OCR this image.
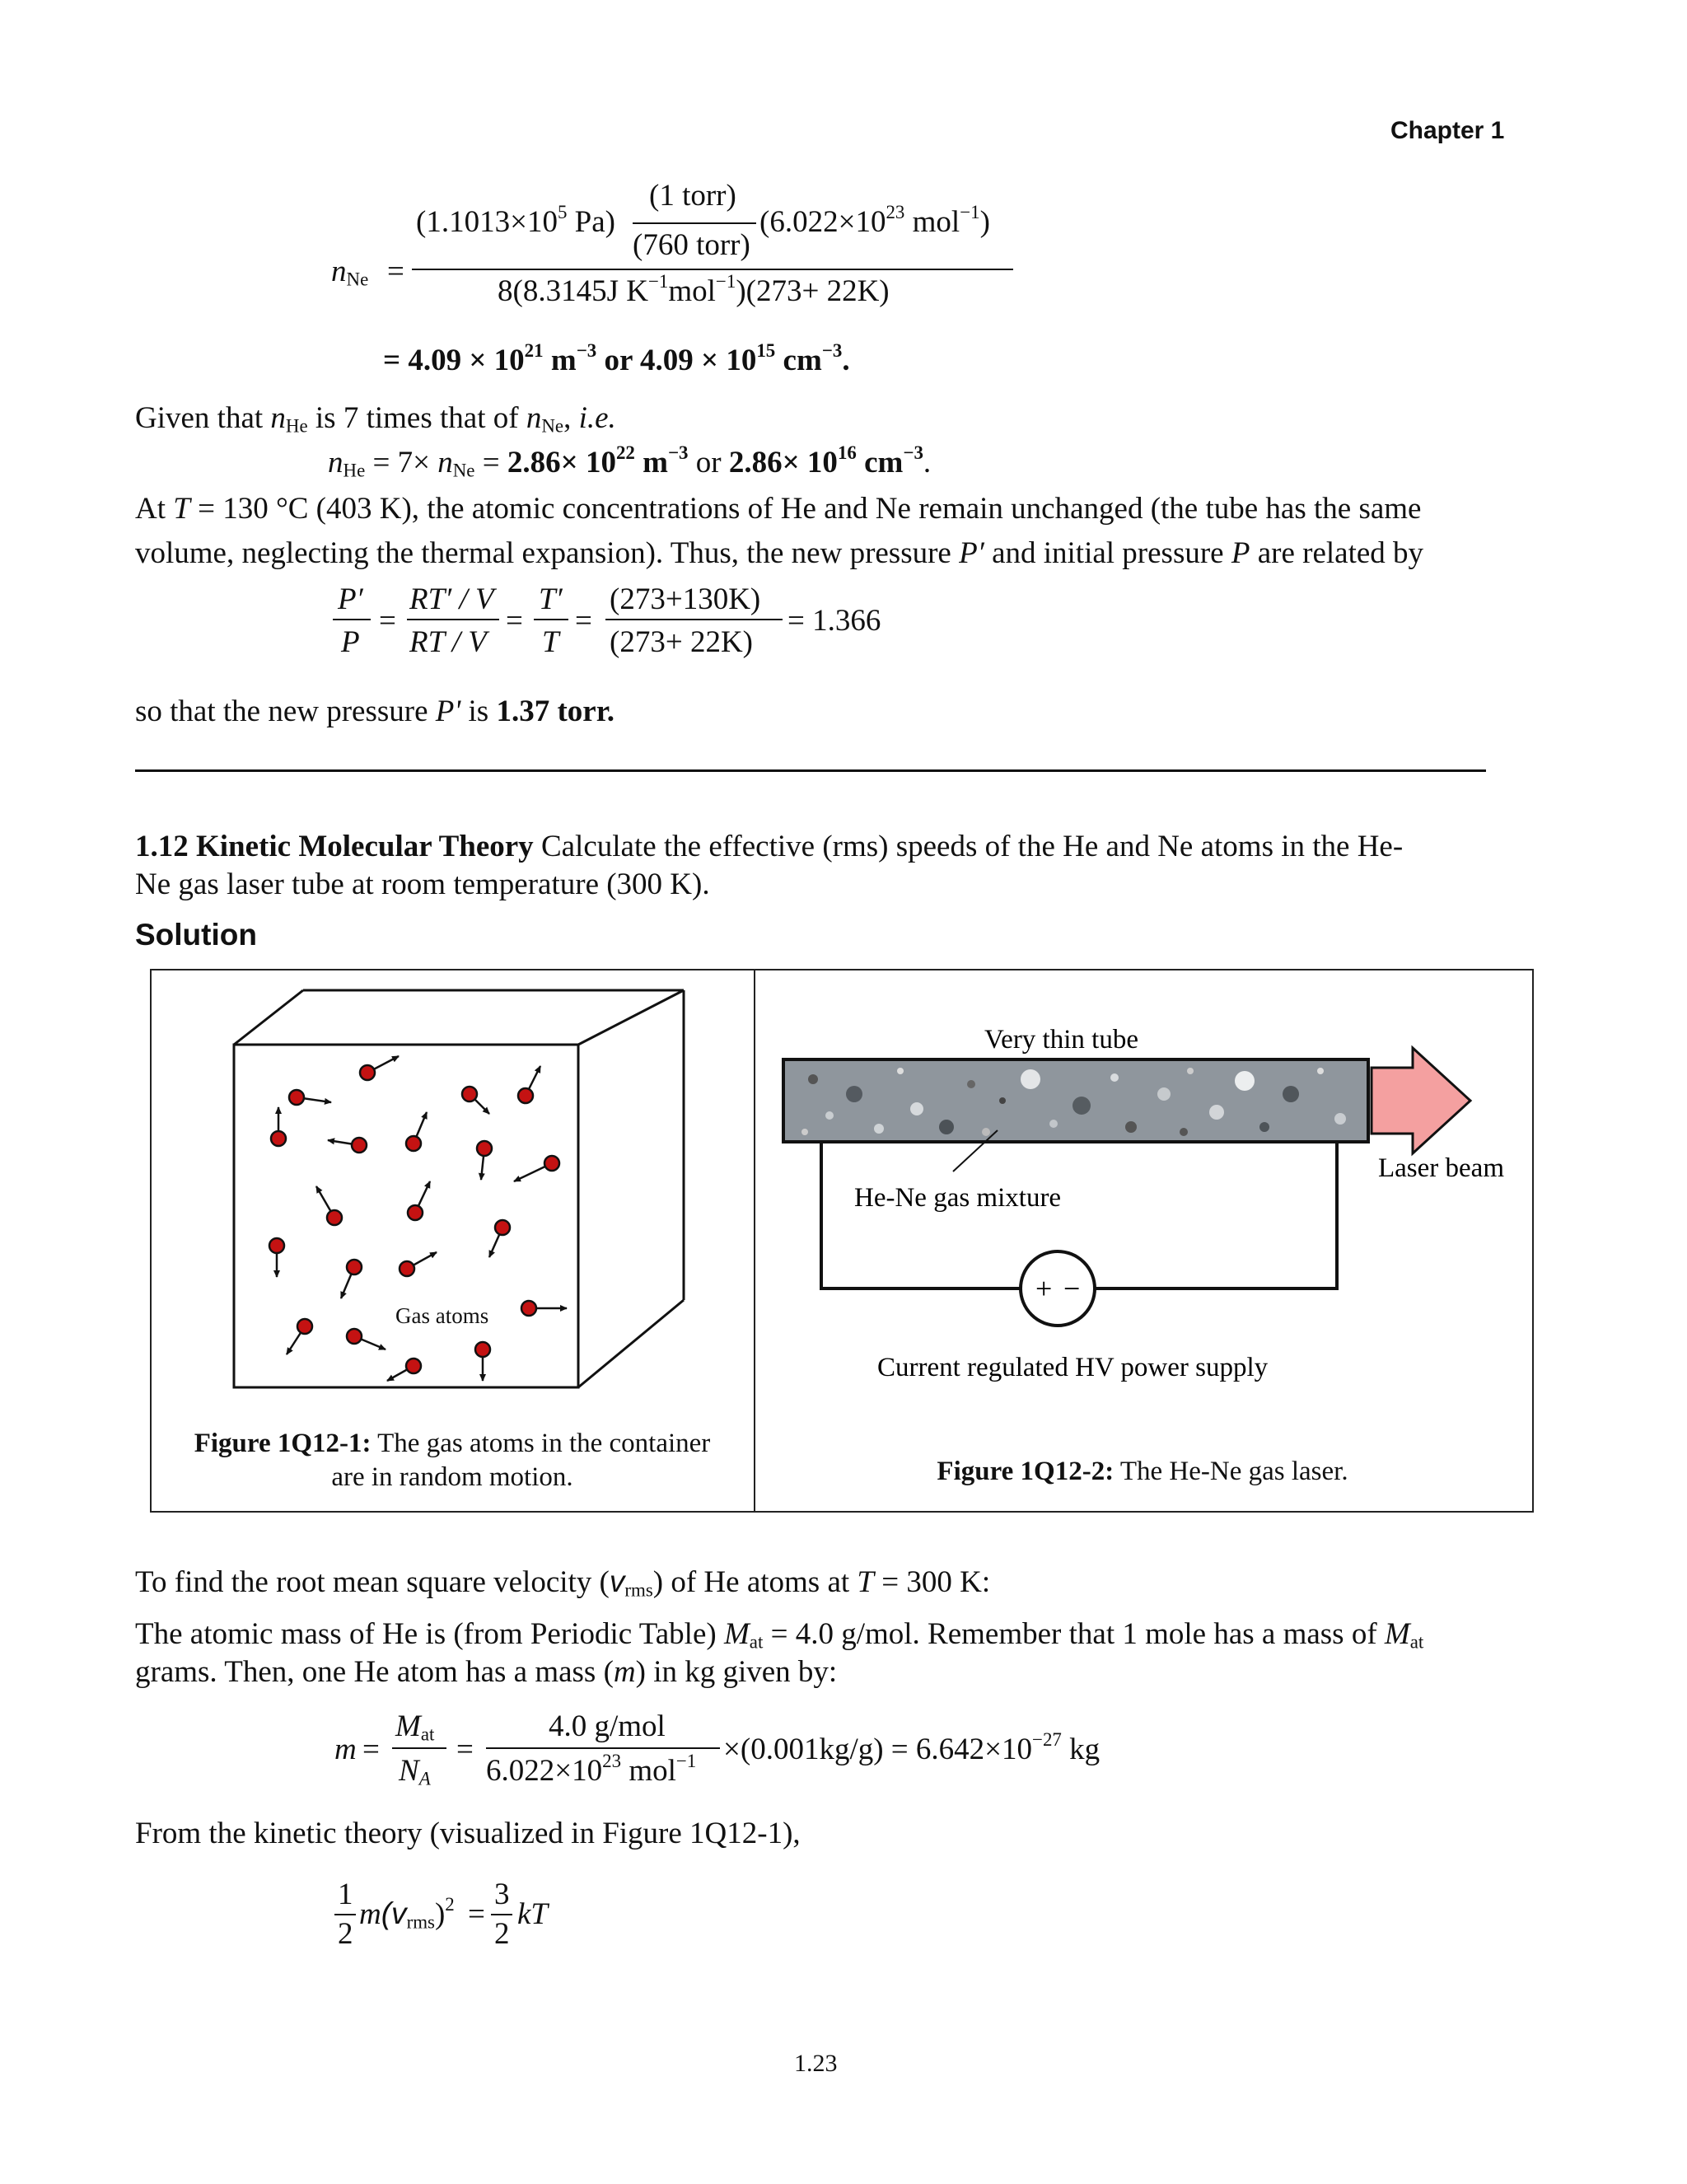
Chapter 1
$n_{Ne}$ =
($1.1013\times 10^5$ Pa)
(1 torr)
(760 torr)
($6.022\times 10^{23}$ mol$^{-1}$)
8(8.3145J $K^{-1}mol^{-1})(273+ 22K)$
= $4.09 \times 10^{21}$ $m^{-3}$ or $4.09 \times 10^{15}$ $cm^{-3}$.
Given that $n_{He}$ is 7 times that of $n_{Ne}$, i.e.
$n_{He} = 7\times n_{Ne} = 2.86\times 10^{22}$ $m^{-3}$ or $2.86\times 10^{16}$ $cm^{-3}$.
At T = 130 °C (403 K), the atomic concentrations of He and Ne remain unchanged (the tube has the same
volume, neglecting the thermal expansion). Thus, the new pressure P′ and initial pressure P are related by
P′
P
=
RT′ / V
RT / V
=
T′
T
=
(273+130K)
(273+ 22K)
= 1.366
so that the new pressure P' is 1.37 torr.
1.12 Kinetic Molecular Theory Calculate the effective (rms) speeds of the He and Ne atoms in the He-
Ne gas laser tube at room temperature (300 K).
Solution
Gas atoms
Figure 1Q12-1: The gas atoms in the container
are in random motion.
+ −
Very thin tube
Laser beam
He-Ne gas mixture
Current regulated HV power supply
Figure 1Q12-2: The He-Ne gas laser.
To find the root mean square velocity $(v_{rms})$ of He atoms at T = 300 K:
The atomic mass of He is (from Periodic Table) $M_{at} = 4.0$ g/mol. Remember that 1 mole has a mass of $M_{at}$
grams. Then, one He atom has a mass (m) in kg given by:
m =
$M_{at}$
$N_A$
=
4.0 g/mol
$6.022\times 10^{23}$ $mol^{-1} \times(0.001kg/g) = 6.642\times 10^{-27}$ kg
From the kinetic theory (visualized in Figure 1Q12-1),
1
2
$m(v_{rms})^2$ =
3
2
kT
1.23
